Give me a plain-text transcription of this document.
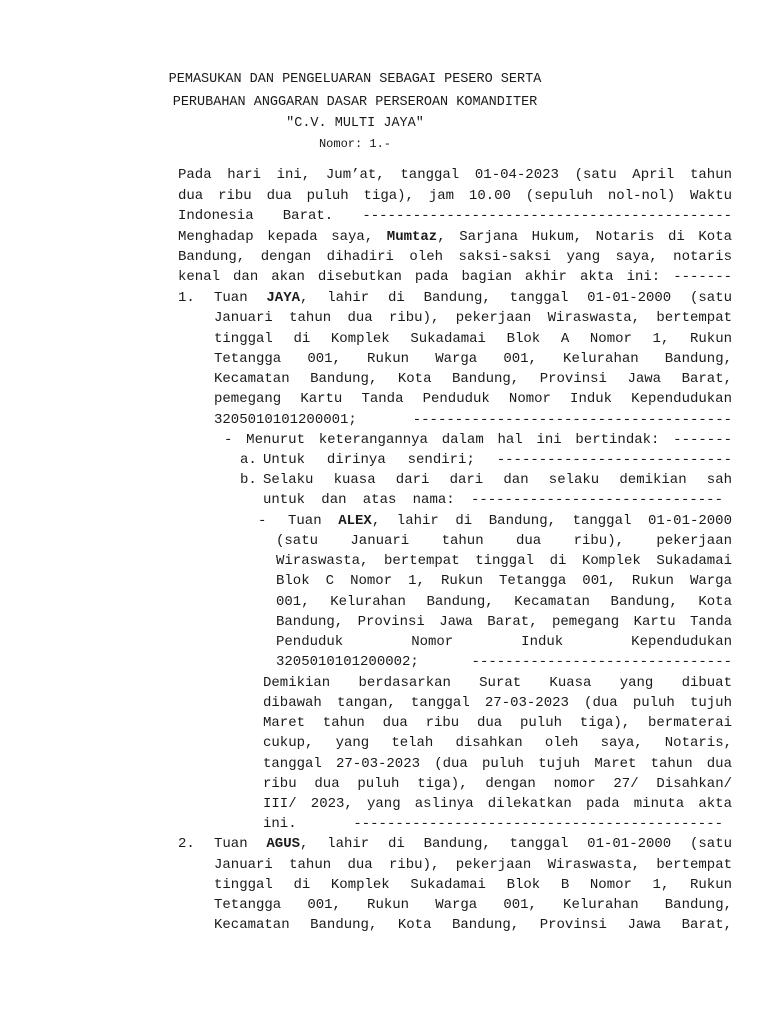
PEMASUKAN DAN PENGELUARAN SEBAGAI PESERO SERTA
PERUBAHAN ANGGARAN DASAR PERSEROAN KOMANDITER
"C.V. MULTI JAYA"
Nomor: 1.-
Pada hari ini, Jum’at, tanggal 01-04-2023 (satu April tahun
dua ribu dua puluh tiga), jam 10.00 (sepuluh nol-nol) Waktu
Indonesia Barat. --------------------------------------------
Menghadap kepada saya, Mumtaz, Sarjana Hukum, Notaris di Kota
Bandung, dengan dihadiri oleh saksi-saksi yang saya, notaris
kenal dan akan disebutkan pada bagian akhir akta ini: -------
1. Tuan JAYA, lahir di Bandung, tanggal 01-01-2000 (satu
Januari tahun dua ribu), pekerjaan Wiraswasta, bertempat
tinggal di Komplek Sukadamai Blok A Nomor 1, Rukun
Tetangga 001, Rukun Warga 001, Kelurahan Bandung,
Kecamatan Bandung, Kota Bandung, Provinsi Jawa Barat,
pemegang Kartu Tanda Penduduk Nomor Induk Kependudukan
3205010101200001; --------------------------------------
- Menurut keterangannya dalam hal ini bertindak: -------
a. Untuk dirinya sendiri; ----------------------------
b. Selaku kuasa dari dari dan selaku demikian sah
untuk dan atas nama: ------------------------------
- Tuan ALEX, lahir di Bandung, tanggal 01-01-2000
(satu Januari tahun dua ribu), pekerjaan
Wiraswasta, bertempat tinggal di Komplek Sukadamai
Blok C Nomor 1, Rukun Tetangga 001, Rukun Warga
001, Kelurahan Bandung, Kecamatan Bandung, Kota
Bandung, Provinsi Jawa Barat, pemegang Kartu Tanda
Penduduk Nomor Induk Kependudukan
3205010101200002; -------------------------------
Demikian berdasarkan Surat Kuasa yang dibuat
dibawah tangan, tanggal 27-03-2023 (dua puluh tujuh
Maret tahun dua ribu dua puluh tiga), bermaterai
cukup, yang telah disahkan oleh saya, Notaris,
tanggal 27-03-2023 (dua puluh tujuh Maret tahun dua
ribu dua puluh tiga), dengan nomor 27/ Disahkan/
III/ 2023, yang aslinya dilekatkan pada minuta akta
ini. --------------------------------------------
2. Tuan AGUS, lahir di Bandung, tanggal 01-01-2000 (satu
Januari tahun dua ribu), pekerjaan Wiraswasta, bertempat
tinggal di Komplek Sukadamai Blok B Nomor 1, Rukun
Tetangga 001, Rukun Warga 001, Kelurahan Bandung,
Kecamatan Bandung, Kota Bandung, Provinsi Jawa Barat,
